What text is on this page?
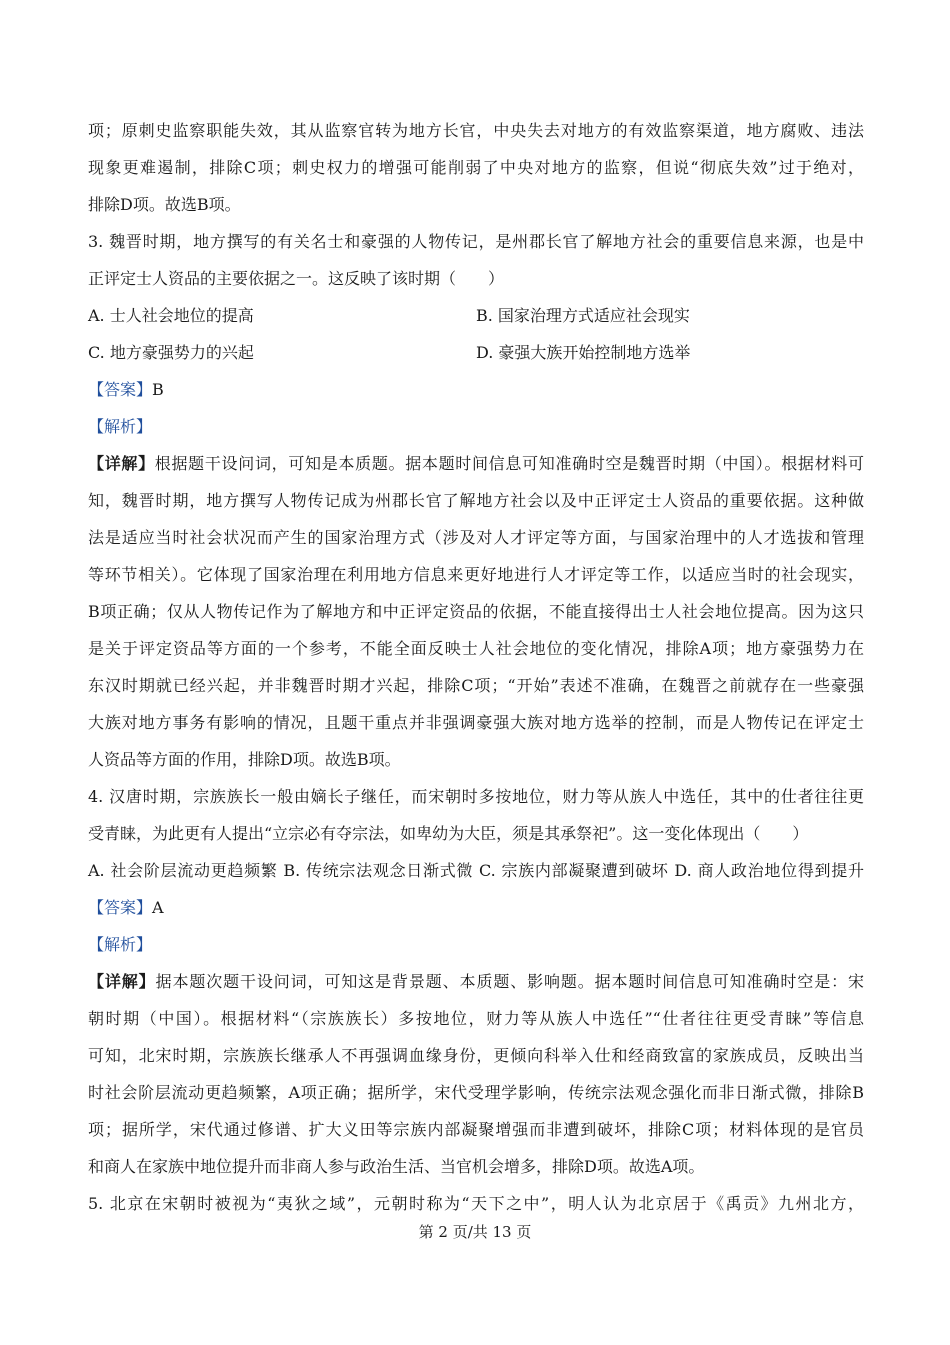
项；原刺史监察职能失效，其从监察官转为地方长官，中央失去对地方的有效监察渠道，地方腐败、违法

现象更难遏制，排除C项；刺史权力的增强可能削弱了中央对地方的监察，但说“彻底失效”过于绝对，

排除D项。故选B项。

3. 魏晋时期，地方撰写的有关名士和豪强的人物传记，是州郡长官了解地方社会的重要信息来源，也是中

正评定士人资品的主要依据之一。这反映了该时期（　　）

A. 士人社会地位的提高	B. 国家治理方式适应社会现实
C. 地方豪强势力的兴起	D. 豪强大族开始控制地方选举

【答案】B

【解析】

【详解】根据题干设问词，可知是本质题。据本题时间信息可知准确时空是魏晋时期（中国）。根据材料可

知，魏晋时期，地方撰写人物传记成为州郡长官了解地方社会以及中正评定士人资品的重要依据。这种做

法是适应当时社会状况而产生的国家治理方式（涉及对人才评定等方面，与国家治理中的人才选拔和管理

等环节相关）。它体现了国家治理在利用地方信息来更好地进行人才评定等工作，以适应当时的社会现实，

B项正确；仅从人物传记作为了解地方和中正评定资品的依据，不能直接得出士人社会地位提高。因为这只

是关于评定资品等方面的一个参考，不能全面反映士人社会地位的变化情况，排除A项；地方豪强势力在

东汉时期就已经兴起，并非魏晋时期才兴起，排除C项；“开始”表述不准确，在魏晋之前就存在一些豪强

大族对地方事务有影响的情况，且题干重点并非强调豪强大族对地方选举的控制，而是人物传记在评定士

人资品等方面的作用，排除D项。故选B项。

4. 汉唐时期，宗族族长一般由嫡长子继任，而宋朝时多按地位，财力等从族人中选任，其中的仕者往往更

受青睐，为此更有人提出“立宗必有夺宗法，如卑幼为大臣，须是其承祭祀”。这一变化体现出（　　）

A. 社会阶层流动更趋频繁 B. 传统宗法观念日渐式微 C. 宗族内部凝聚遭到破坏 D. 商人政治地位得到提升

【答案】A

【解析】

【详解】据本题次题干设问词，可知这是背景题、本质题、影响题。据本题时间信息可知准确时空是：宋

朝时期（中国）。根据材料“（宗族族长）多按地位，财力等从族人中选任”“仕者往往更受青睐”等信息

可知，北宋时期，宗族族长继承人不再强调血缘身份，更倾向科举入仕和经商致富的家族成员，反映出当

时社会阶层流动更趋频繁，A项正确；据所学，宋代受理学影响，传统宗法观念强化而非日渐式微，排除B

项；据所学，宋代通过修谱、扩大义田等宗族内部凝聚增强而非遭到破坏，排除C项；材料体现的是官员

和商人在家族中地位提升而非商人参与政治生活、当官机会增多，排除D项。故选A项。

5. 北京在宋朝时被视为“夷狄之域”，元朝时称为“天下之中”，明人认为北京居于《禹贡》九州北方，

第 2 页/共 13 页
